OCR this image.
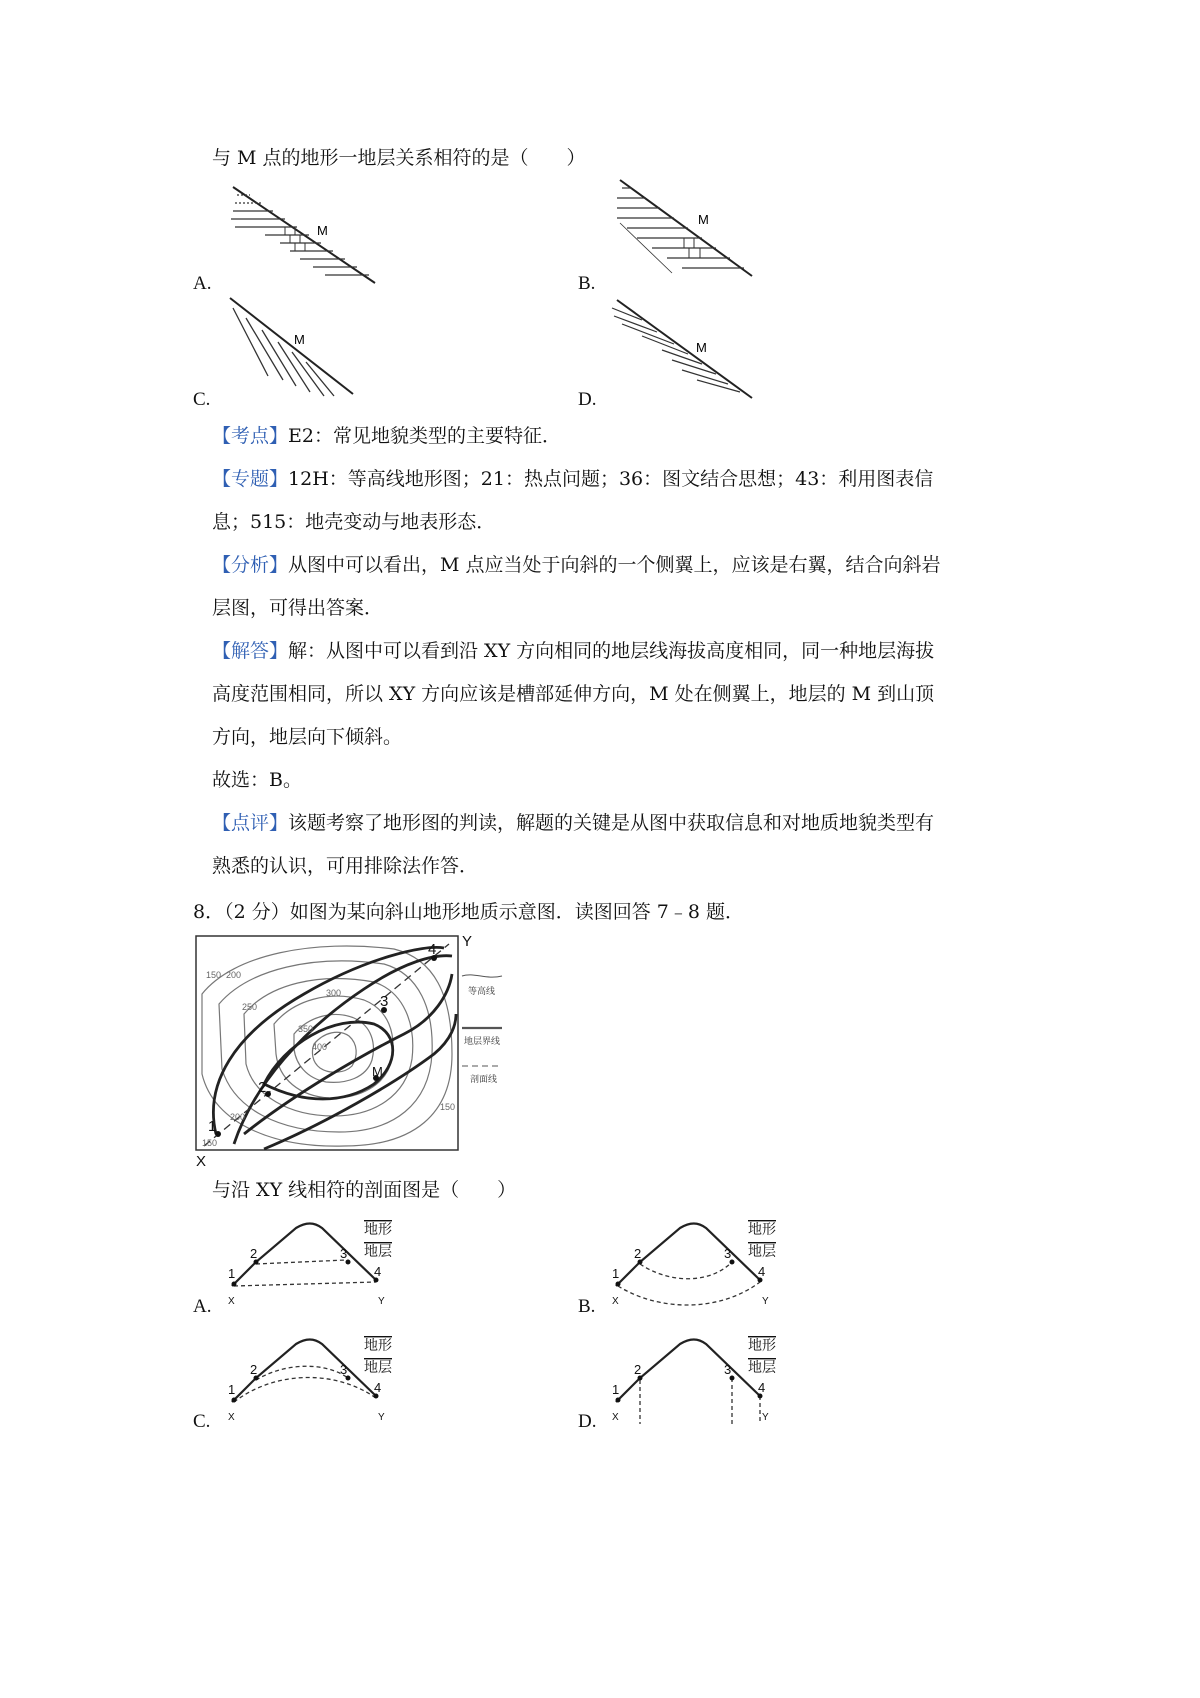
与 M 点的地形一地层关系相符的是（　　）
M
A.
M
B.
M
C.
M
D.
【考点】E2：常见地貌类型的主要特征．
【专题】12H：等高线地形图；21：热点问题；36：图文结合思想；43：利用图表信
息；515：地壳变动与地表形态．
【分析】从图中可以看出，M 点应当处于向斜的一个侧翼上，应该是右翼，结合向斜岩
层图，可得出答案．
【解答】解：从图中可以看到沿 XY 方向相同的地层线海拔高度相同，同一种地层海拔
高度范围相同，所以 XY 方向应该是槽部延伸方向，M 处在侧翼上，地层的 M 到山顶
方向，地层向下倾斜。
故选：B。
【点评】该题考察了地形图的判读，解题的关键是从图中获取信息和对地质地貌类型有
熟悉的认识，可用排除法作答．
8．（2 分）如图为某向斜山地形地质示意图．读图回答 7﹣8 题．
1
2
3
4
M
Y
X
150 200
250
300
350
400
200
150
150
等高线
地层界线
剖面线
与沿 XY 线相符的剖面图是（　　）
1
2	3
4
X	Y
地形
地层
A.
1
2	3
4
X	Y
地形
地层
B.
1
2	3
4
X	Y
地形
地层
C.
1
2	3
4
X	Y
地形
地层
D.
